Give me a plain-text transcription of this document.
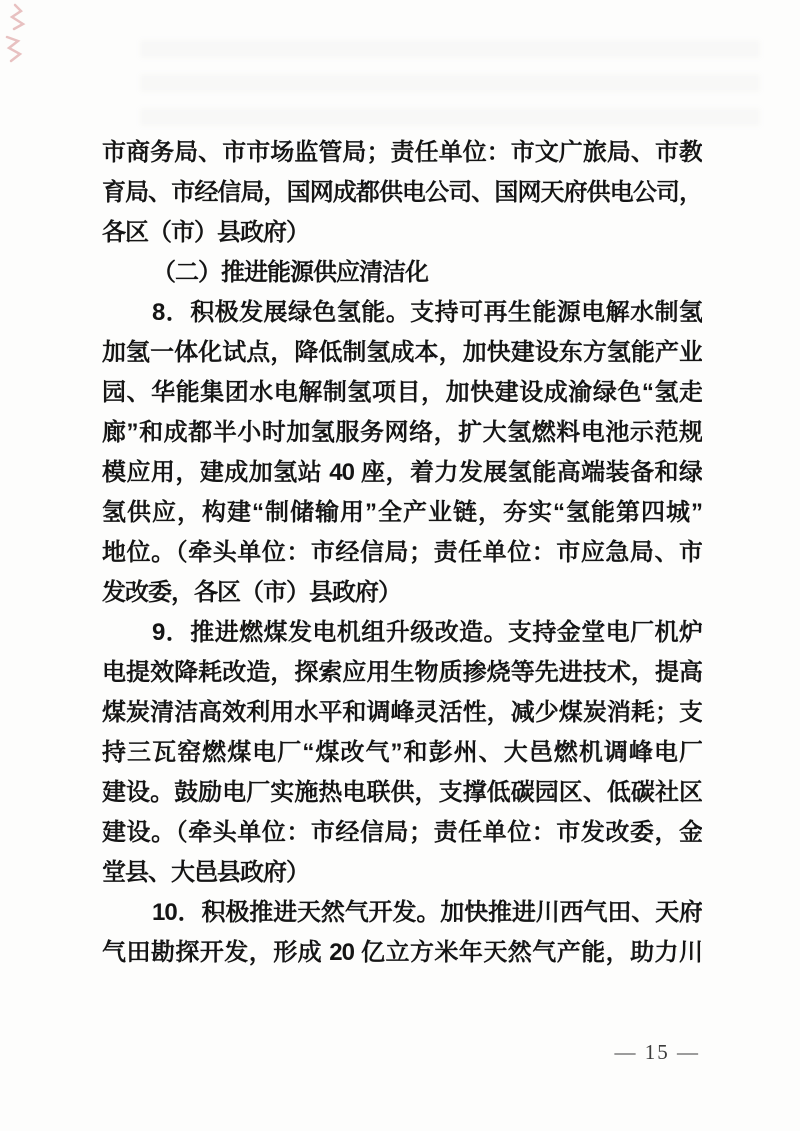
市商务局、市市场监管局；责任单位：市文广旅局、市教
育局、市经信局，国网成都供电公司、国网天府供电公司，
各区（市）县政府）
（二）推进能源供应清洁化
8．积极发展绿色氢能。支持可再生能源电解水制氢
加氢一体化试点，降低制氢成本，加快建设东方氢能产业
园、华能集团水电解制氢项目，加快建设成渝绿色“氢走
廊”和成都半小时加氢服务网络，扩大氢燃料电池示范规
模应用，建成加氢站 40 座，着力发展氢能高端装备和绿
氢供应，构建“制储输用”全产业链，夯实“氢能第四城”
地位。（牵头单位：市经信局；责任单位：市应急局、市
发改委，各区（市）县政府）
9．推进燃煤发电机组升级改造。支持金堂电厂机炉
电提效降耗改造，探索应用生物质掺烧等先进技术，提高
煤炭清洁高效利用水平和调峰灵活性，减少煤炭消耗；支
持三瓦窑燃煤电厂“煤改气”和彭州、大邑燃机调峰电厂
建设。鼓励电厂实施热电联供，支撑低碳园区、低碳社区
建设。（牵头单位：市经信局；责任单位：市发改委，金
堂县、大邑县政府）
10．积极推进天然气开发。加快推进川西气田、天府
气田勘探开发，形成 20 亿立方米年天然气产能，助力川
— 15 —
